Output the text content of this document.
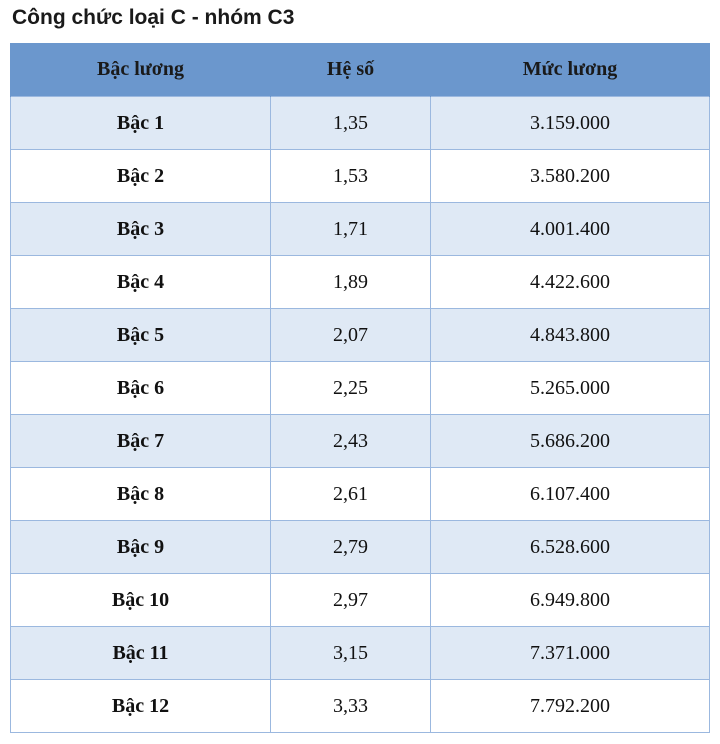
Công chức loại C - nhóm C3
Bậc lương	Hệ số	Mức lương
Bậc 1	1,35	3.159.000
Bậc 2	1,53	3.580.200
Bậc 3	1,71	4.001.400
Bậc 4	1,89	4.422.600
Bậc 5	2,07	4.843.800
Bậc 6	2,25	5.265.000
Bậc 7	2,43	5.686.200
Bậc 8	2,61	6.107.400
Bậc 9	2,79	6.528.600
Bậc 10	2,97	6.949.800
Bậc 11	3,15	7.371.000
Bậc 12	3,33	7.792.200
